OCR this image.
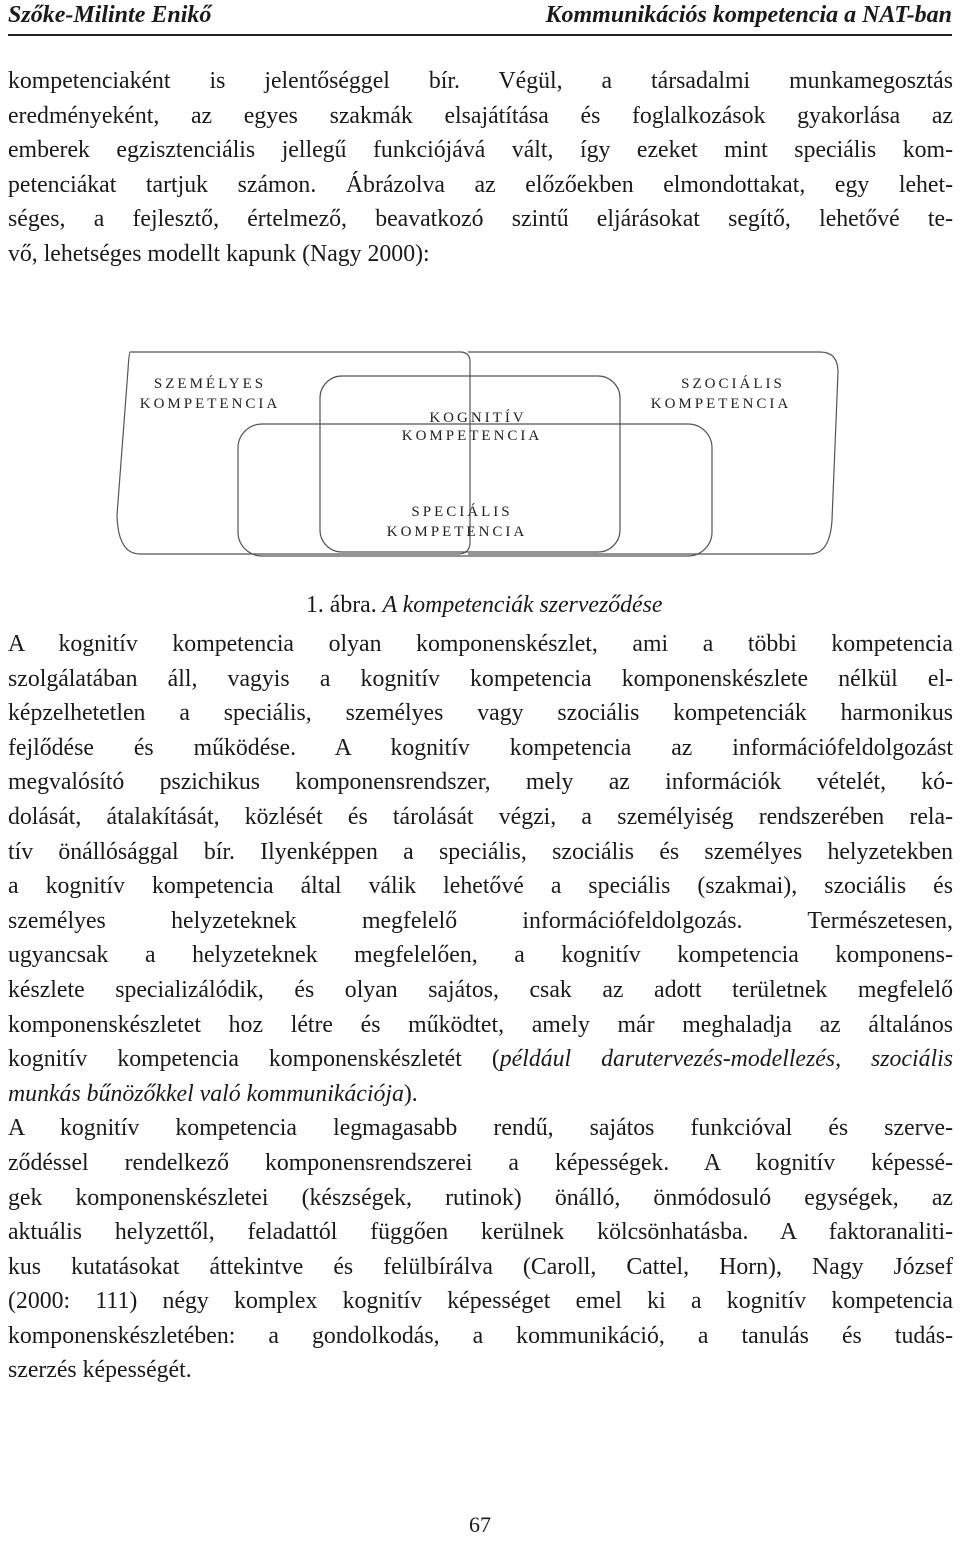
Szőke-Milinte Enikő	Kommunikációs kompetencia a NAT-ban
kompetenciaként is jelentőséggel bír. Végül, a társadalmi munkamegosztás
eredményeként, az egyes szakmák elsajátítása és foglalkozások gyakorlása az
emberek egzisztenciális jellegű funkciójává vált, így ezeket mint speciális kom-
petenciákat tartjuk számon. Ábrázolva az előzőekben elmondottakat, egy lehet-
séges, a fejlesztő, értelmező, beavatkozó szintű eljárásokat segítő, lehetővé te-
vő, lehetséges modellt kapunk (Nagy 2000):
SZEMÉLYES
KOMPETENCIA
SZOCIÁLIS
KOMPETENCIA
KOGNITÍV
KOMPETENCIA
SPECIÁLIS
KOMPETENCIA
1. ábra. A kompetenciák szerveződése
A kognitív kompetencia olyan komponenskészlet, ami a többi kompetencia
szolgálatában áll, vagyis a kognitív kompetencia komponenskészlete nélkül el-
képzelhetetlen a speciális, személyes vagy szociális kompetenciák harmonikus
fejlődése és működése. A kognitív kompetencia az információfeldolgozást
megvalósító pszichikus komponensrendszer, mely az információk vételét, kó-
dolását, átalakítását, közlését és tárolását végzi, a személyiség rendszerében rela-
tív önállósággal bír. Ilyenképpen a speciális, szociális és személyes helyzetekben
a kognitív kompetencia által válik lehetővé a speciális (szakmai), szociális és
személyes helyzeteknek megfelelő információfeldolgozás. Természetesen,
ugyancsak a helyzeteknek megfelelően, a kognitív kompetencia komponens-
készlete specializálódik, és olyan sajátos, csak az adott területnek megfelelő
komponenskészletet hoz létre és működtet, amely már meghaladja az általános
kognitív kompetencia komponenskészletét (például darutervezés-modellezés, szociális
munkás bűnözőkkel való kommunikációja).
A kognitív kompetencia legmagasabb rendű, sajátos funkcióval és szerve-
ződéssel rendelkező komponensrendszerei a képességek. A kognitív képessé-
gek komponenskészletei (készségek, rutinok) önálló, önmódosuló egységek, az
aktuális helyzettől, feladattól függően kerülnek kölcsönhatásba. A faktoranaliti-
kus kutatásokat áttekintve és felülbírálva (Caroll, Cattel, Horn), Nagy József
(2000: 111) négy komplex kognitív képességet emel ki a kognitív kompetencia
komponenskészletében: a gondolkodás, a kommunikáció, a tanulás és tudás-
szerzés képességét.
67
